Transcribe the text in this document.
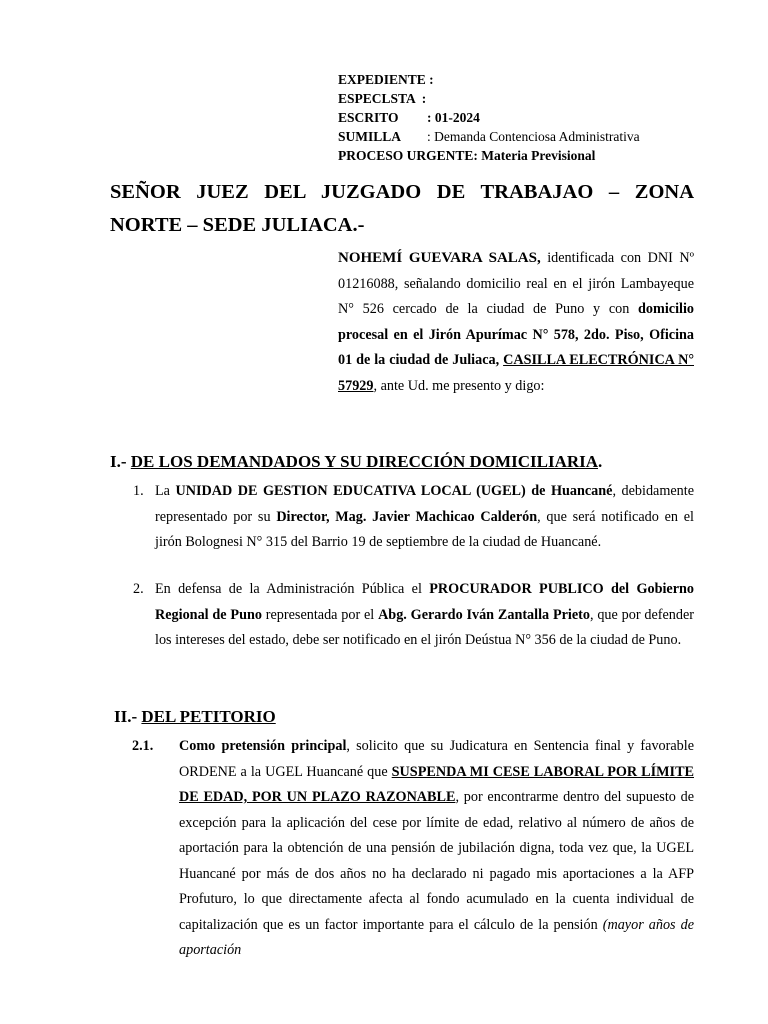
EXPEDIENTE :
ESPECLSTA  :
ESCRITO : 01-2024
SUMILLA : Demanda Contenciosa Administrativa
PROCESO URGENTE: Materia Previsional
SEÑOR JUEZ DEL JUZGADO DE TRABAJAO – ZONA
NORTE – SEDE JULIACA.-
NOHEMÍ GUEVARA SALAS, identificada con DNI Nº 01216088, señalando domicilio real en el jirón Lambayeque N° 526 cercado de la ciudad de Puno y con domicilio procesal en el Jirón Apurímac N° 578, 2do. Piso, Oficina 01 de la ciudad de Juliaca, CASILLA ELECTRÓNICA N° 57929, ante Ud. me presento y digo:
I.- DE LOS DEMANDADOS Y SU DIRECCIÓN DOMICILIARIA.
1. La UNIDAD DE GESTION EDUCATIVA LOCAL (UGEL) de Huancané, debidamente representado por su Director, Mag. Javier Machicao Calderón, que será notificado en el jirón Bolognesi N° 315 del Barrio 19 de septiembre de la ciudad de Huancané.
2. En defensa de la Administración Pública el PROCURADOR PUBLICO del Gobierno Regional de Puno representada por el Abg. Gerardo Iván Zantalla Prieto, que por defender los intereses del estado, debe ser notificado en el jirón Deústua N° 356 de la ciudad de Puno.
II.- DEL PETITORIO
2.1. Como pretensión principal, solicito que su Judicatura en Sentencia final y favorable ORDENE a la UGEL Huancané que SUSPENDA MI CESE LABORAL POR LÍMITE DE EDAD, POR UN PLAZO RAZONABLE, por encontrarme dentro del supuesto de excepción para la aplicación del cese por límite de edad, relativo al número de años de aportación para la obtención de una pensión de jubilación digna, toda vez que, la UGEL Huancané por más de dos años no ha declarado ni pagado mis aportaciones a la AFP Profuturo, lo que directamente afecta al fondo acumulado en la cuenta individual de capitalización que es un factor importante para el cálculo de la pensión (mayor años de aportación
